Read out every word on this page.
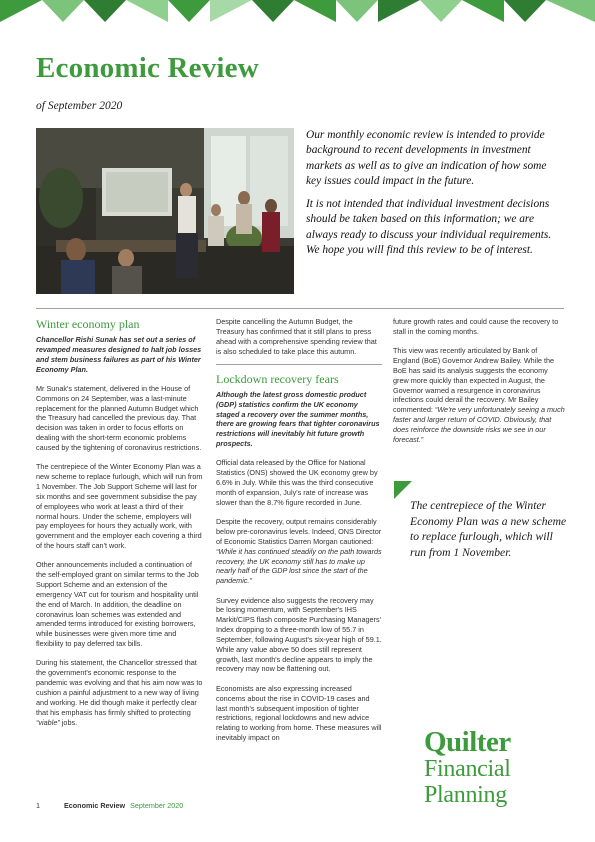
Economic Review
of September 2020

Our monthly economic review is intended to provide background to recent developments in investment markets as well as to give an indication of how some key issues could impact in the future.

It is not intended that individual investment decisions should be taken based on this information; we are always ready to discuss your individual requirements. We hope you will find this review to be of interest.

Winter economy plan

Chancellor Rishi Sunak has set out a series of revamped measures designed to halt job losses and stem business failures as part of his Winter Economy Plan.

Mr Sunak's statement, delivered in the House of Commons on 24 September, was a last-minute replacement for the planned Autumn Budget which the Treasury had cancelled the previous day. That decision was taken in order to focus efforts on dealing with the short-term economic problems caused by the tightening of coronavirus restrictions.

The centrepiece of the Winter Economy Plan was a new scheme to replace furlough, which will run from 1 November. The Job Support Scheme will last for six months and see government subsidise the pay of employees who work at least a third of their normal hours. Under the scheme, employers will pay employees for hours they actually work, with government and the employer each covering a third of the hours staff can't work.

Other announcements included a continuation of the self-employed grant on similar terms to the Job Support Scheme and an extension of the emergency VAT cut for tourism and hospitality until the end of March. In addition, the deadline on coronavirus loan schemes was extended and amended terms introduced for existing borrowers, while businesses were given more time and flexibility to pay deferred tax bills.

During his statement, the Chancellor stressed that the government's economic response to the pandemic was evolving and that his aim now was to cushion a painful adjustment to a new way of living and working. He did though make it perfectly clear that his emphasis has firmly shifted to protecting “viable” jobs.

Despite cancelling the Autumn Budget, the Treasury has confirmed that it still plans to press ahead with a comprehensive spending review that is also scheduled to take place this autumn.

Lockdown recovery fears

Although the latest gross domestic product (GDP) statistics confirm the UK economy staged a recovery over the summer months, there are growing fears that tighter coronavirus restrictions will inevitably hit future growth prospects.

Official data released by the Office for National Statistics (ONS) showed the UK economy grew by 6.6% in July. While this was the third consecutive month of expansion, July's rate of increase was slower than the 8.7% figure recorded in June.

Despite the recovery, output remains considerably below pre-coronavirus levels. Indeed, ONS Director of Economic Statistics Darren Morgan cautioned: “While it has continued steadily on the path towards recovery, the UK economy still has to make up nearly half of the GDP lost since the start of the pandemic.”

Survey evidence also suggests the recovery may be losing momentum, with September's IHS Markit/CIPS flash composite Purchasing Managers' Index dropping to a three-month low of 55.7 in September, following August's six-year high of 59.1. While any value above 50 does still represent growth, last month's decline appears to imply the recovery may now be flattening out.

Economists are also expressing increased concerns about the rise in COVID-19 cases and last month's subsequent imposition of tighter restrictions, regional lockdowns and new advice relating to working from home. These measures will inevitably impact on

future growth rates and could cause the recovery to stall in the coming months.

This view was recently articulated by Bank of England (BoE) Governor Andrew Bailey. While the BoE has said its analysis suggests the economy grew more quickly than expected in August, the Governor warned a resurgence in coronavirus infections could derail the recovery. Mr Bailey commented: “We're very unfortunately seeing a much faster and larger return of COVID. Obviously, that does reinforce the downside risks we see in our forecast.”

The centrepiece of the Winter Economy Plan was a new scheme to replace furlough, which will run from 1 November.
Quilter
Financial
Planning
1	Economic Review September 2020
